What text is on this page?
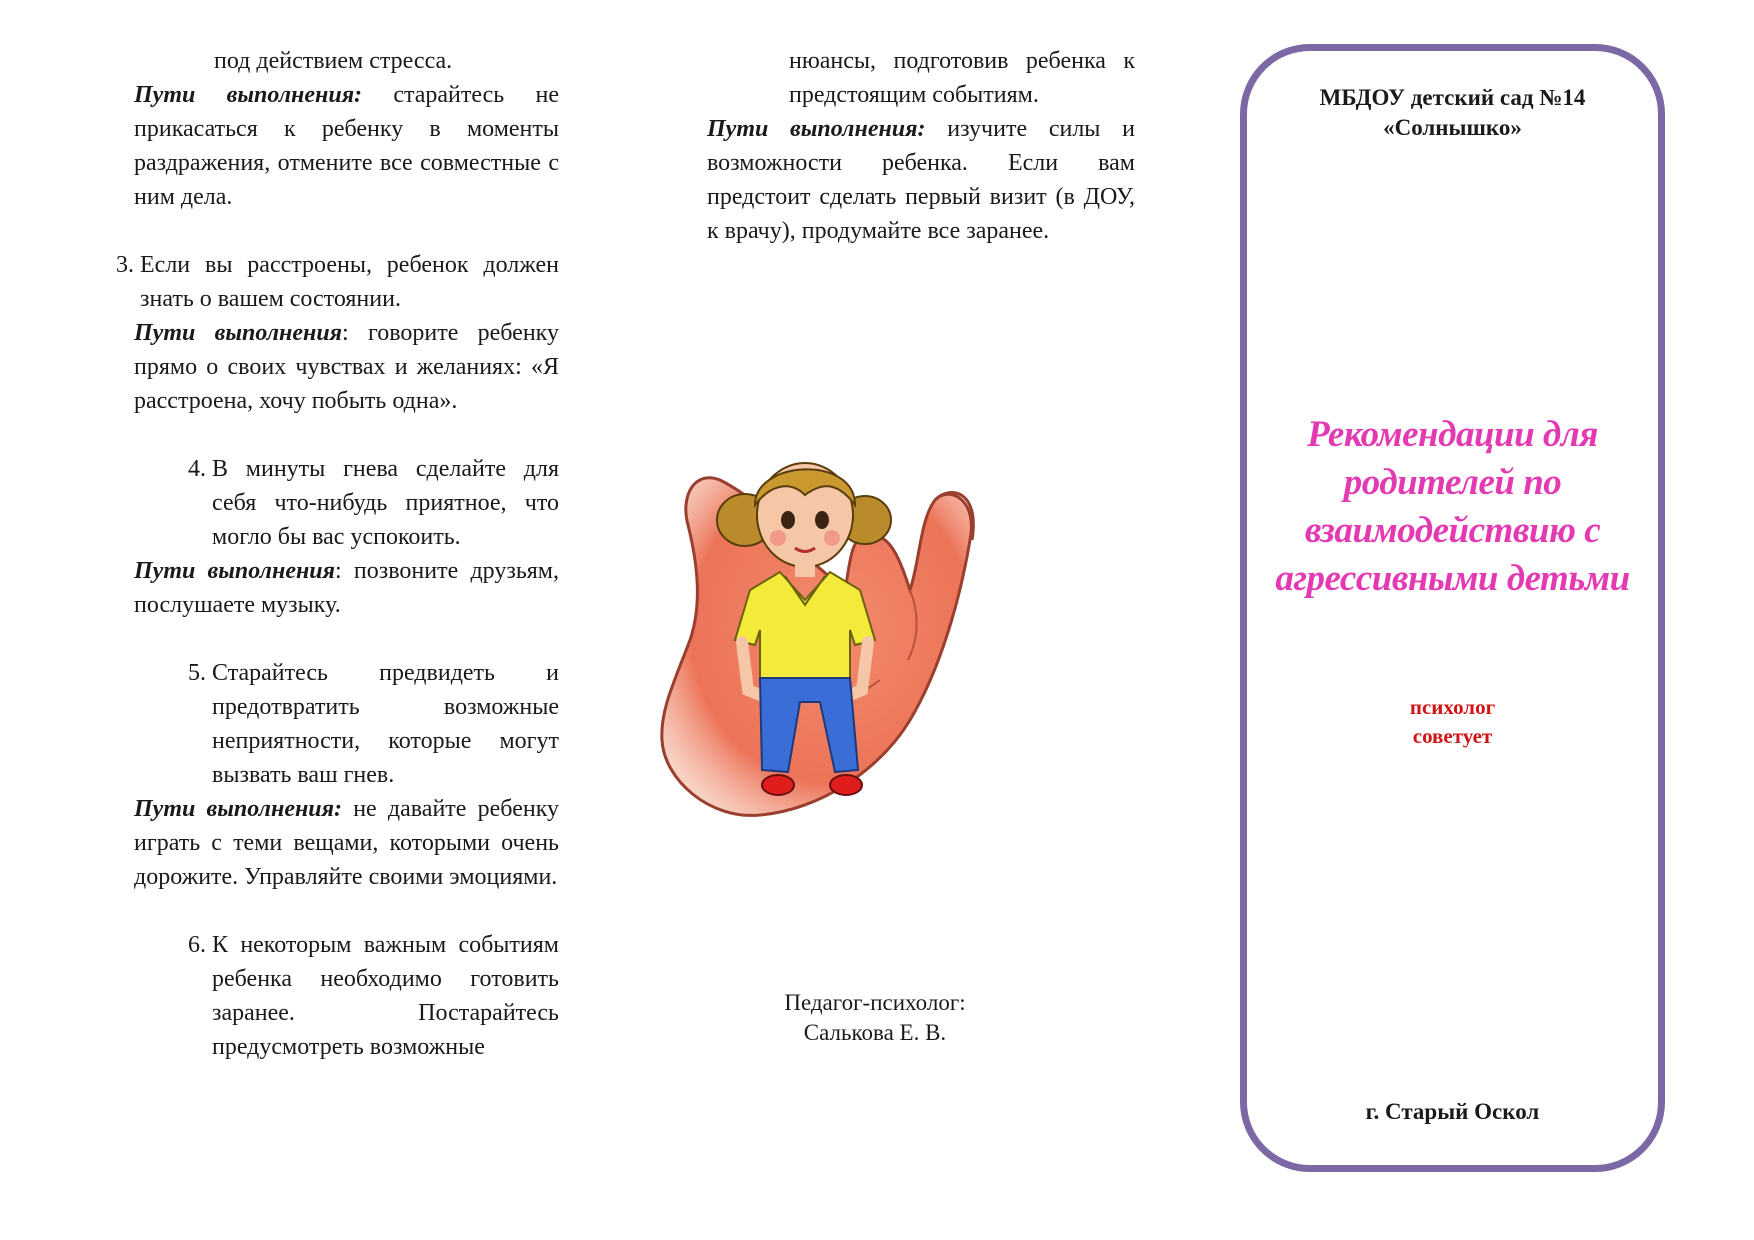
под действием стресса.

Пути выполнения: старайтесь не прикасаться к ребенку в моменты раздражения, отмените все совместные с ним дела.

3. Если вы расстроены, ребенок должен знать о вашем состоянии.

Пути выполнения: говорите ребенку прямо о своих чувствах и желаниях: «Я расстроена, хочу побыть одна».

4. В минуты гнева сделайте для себя что-нибудь приятное, что могло бы вас успокоить.

Пути выполнения: позвоните друзьям, послушаете музыку.

5. Старайтесь предвидеть и предотвратить возможные неприятности, которые могут вызвать ваш гнев.

Пути выполнения: не давайте ребенку играть с теми вещами, которыми очень дорожите. Управляйте своими эмоциями.

6. К некоторым важным событиям ребенка необходимо готовить заранее. Постарайтесь предусмотреть возможные

нюансы, подготовив ребенка к предстоящим событиям.

Пути выполнения: изучите силы и возможности ребенка. Если вам предстоит сделать первый визит (в ДОУ, к врачу), продумайте все заранее.

Педагог-психолог:
Салькова Е. В.
МБДОУ детский сад №14
«Солнышко»
Рекомендации для родителей по взаимодействию с агрессивными детьми
психолог
советует
г. Старый Оскол
